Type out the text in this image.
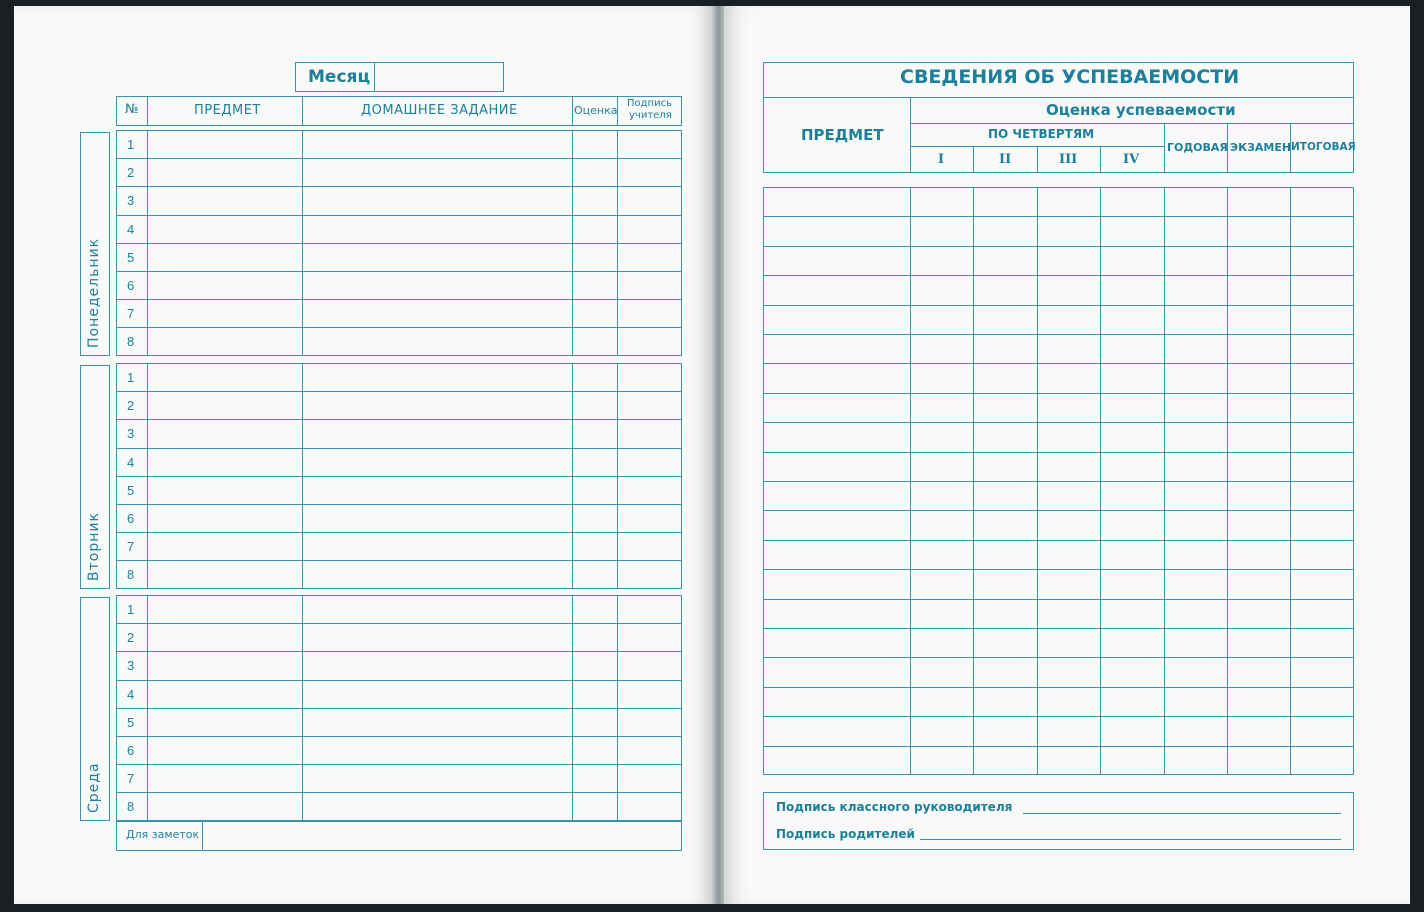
Месяц
№	ПРЕДМЕТ	ДОМАШНЕЕ ЗАДАНИЕ	Оценка
Подпись
учителя
1
2
3
4
5
6
7
8
Понедельник
1
2
3
4
5
6
7
8
Вторник
1
2
3
4
5
6
7
8
Среда
Для заметок
СВЕДЕНИЯ ОБ УСПЕВАЕМОСТИ
ПРЕДМЕТ
Оценка успеваемости
ПО ЧЕТВЕРТЯМ
I	II	III	IV
ГОДОВАЯ ЭКЗАМЕН ИТОГОВАЯ
Подпись классного руководителя
Подпись родителей
